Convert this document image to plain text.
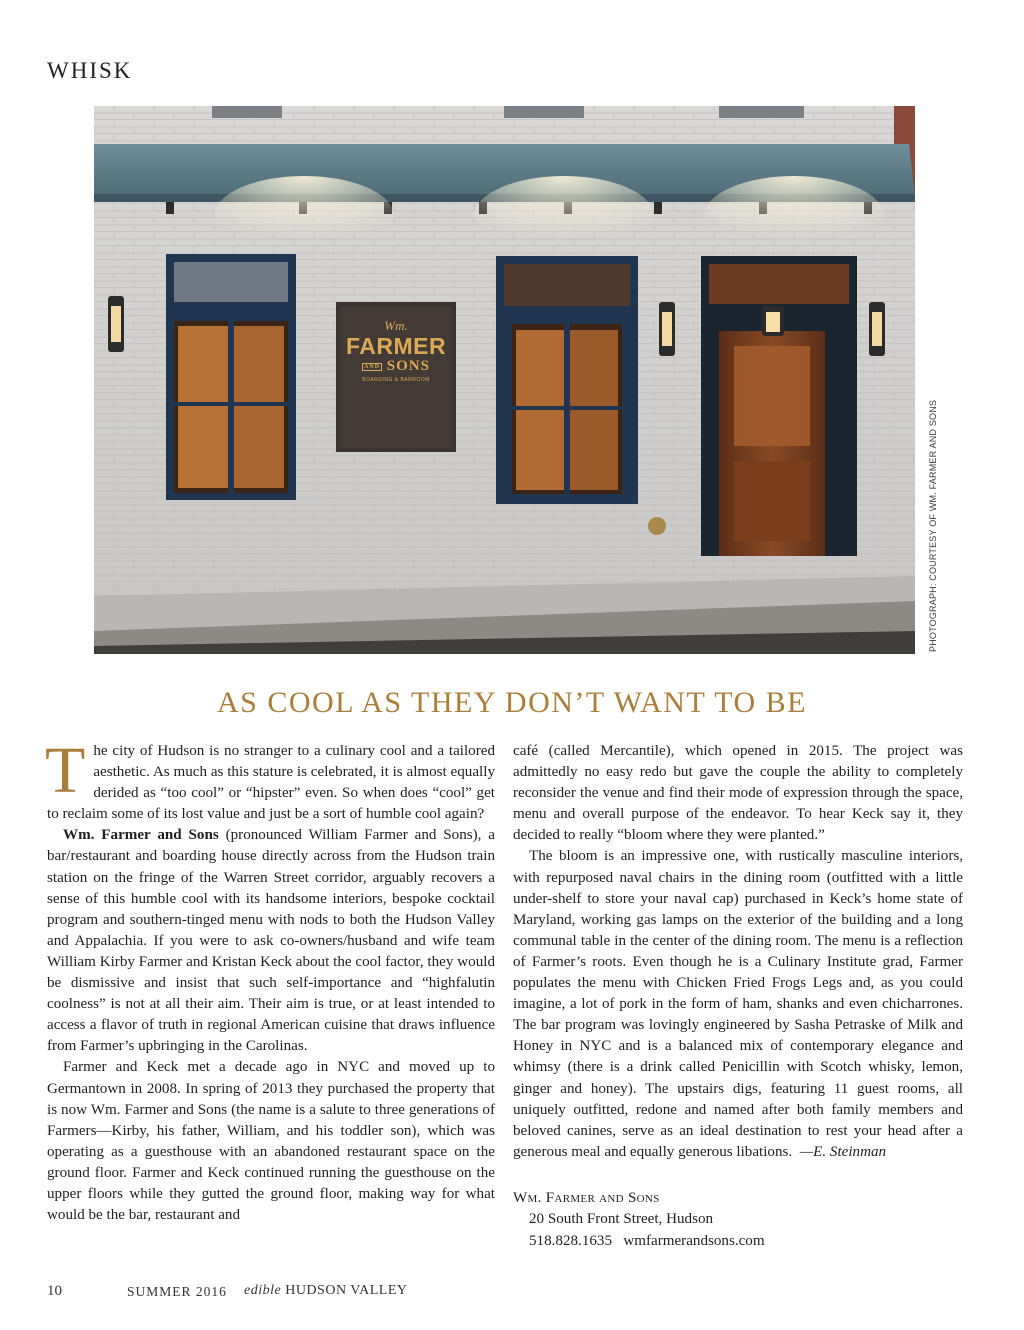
WHISK
Wm.
FARMER
AND SONS
BOARDING & BARROOM
PHOTOGRAPH: COURTESY OF WM. FARMER AND SONS
AS COOL AS THEY DON’T WANT TO BE

The city of Hudson is no stranger to a culinary cool and a tailored aesthetic. As much as this stature is celebrated, it is almost equally derided as “too cool” or “hipster” even. So when does “cool” get to reclaim some of its lost value and just be a sort of humble cool again?

Wm. Farmer and Sons (pronounced William Farmer and Sons), a bar/restaurant and boarding house directly across from the Hudson train station on the fringe of the Warren Street corridor, arguably recovers a sense of this humble cool with its handsome interiors, bespoke cocktail program and southern-tinged menu with nods to both the Hudson Valley and Appalachia. If you were to ask co-owners/husband and wife team William Kirby Farmer and Kristan Keck about the cool factor, they would be dismissive and insist that such self-importance and “highfalutin coolness” is not at all their aim. Their aim is true, or at least intended to access a flavor of truth in regional American cuisine that draws influence from Farmer’s upbringing in the Carolinas.

Farmer and Keck met a decade ago in NYC and moved up to Germantown in 2008. In spring of 2013 they purchased the property that is now Wm. Farmer and Sons (the name is a salute to three generations of Farmers—Kirby, his father, William, and his toddler son), which was operating as a guesthouse with an abandoned restaurant space on the ground floor. Farmer and Keck continued running the guesthouse on the upper floors while they gutted the ground floor, making way for what would be the bar, restaurant and

café (called Mercantile), which opened in 2015. The project was admittedly no easy redo but gave the couple the ability to completely reconsider the venue and find their mode of expression through the space, menu and overall purpose of the endeavor. To hear Keck say it, they decided to really “bloom where they were planted.”

The bloom is an impressive one, with rustically masculine interiors, with repurposed naval chairs in the dining room (outfitted with a little under-shelf to store your naval cap) purchased in Keck’s home state of Maryland, working gas lamps on the exterior of the building and a long communal table in the center of the dining room. The menu is a reflection of Farmer’s roots. Even though he is a Culinary Institute grad, Farmer populates the menu with Chicken Fried Frogs Legs and, as you could imagine, a lot of pork in the form of ham, shanks and even chicharrones. The bar program was lovingly engineered by Sasha Petraske of Milk and Honey in NYC and is a balanced mix of contemporary elegance and whimsy (there is a drink called Penicillin with Scotch whisky, lemon, ginger and honey). The upstairs digs, featuring 11 guest rooms, all uniquely outfitted, redone and named after both family members and beloved canines, serve as an ideal destination to rest your head after a generous meal and equally generous libations. —E. Steinman

Wm. Farmer and Sons
20 South Front Street, Hudson
518.828.1635 wmfarmerandsons.com
10	SUMMER 2016 edible HUDSON VALLEY
